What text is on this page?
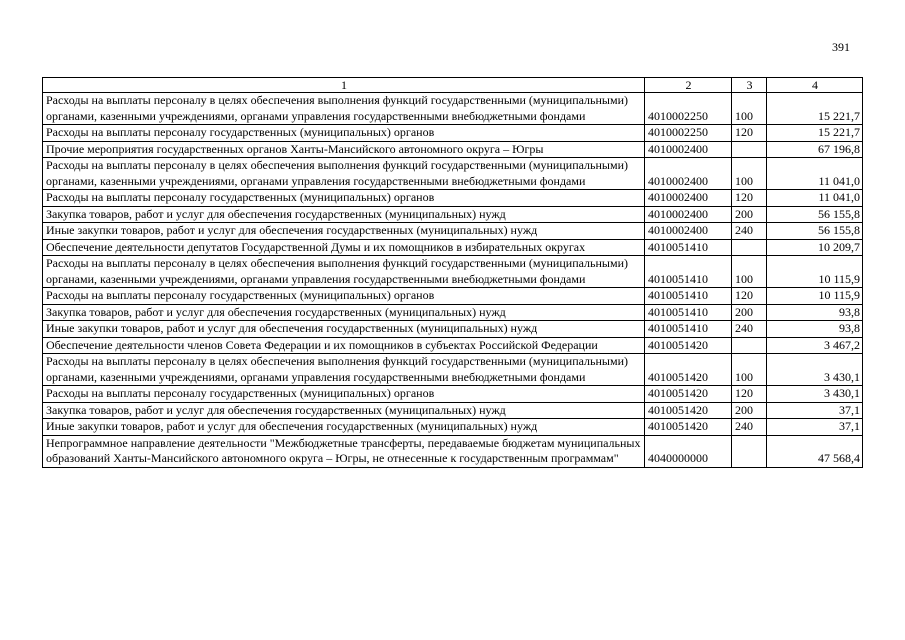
391
1	2	3	4
Расходы на выплаты персоналу в целях обеспечения выполнения функций государственными (муниципальными) органами, казенными учреждениями, органами управления государственными внебюджетными фондами	4010002250	100	15 221,7
Расходы на выплаты персоналу государственных (муниципальных) органов	4010002250	120	15 221,7
Прочие мероприятия государственных органов Ханты-Мансийского автономного округа – Югры	4010002400		67 196,8
Расходы на выплаты персоналу в целях обеспечения выполнения функций государственными (муниципальными) органами, казенными учреждениями, органами управления государственными внебюджетными фондами	4010002400	100	11 041,0
Расходы на выплаты персоналу государственных (муниципальных) органов	4010002400	120	11 041,0
Закупка товаров, работ и услуг для обеспечения государственных (муниципальных) нужд	4010002400	200	56 155,8
Иные закупки товаров, работ и услуг для обеспечения государственных (муниципальных) нужд	4010002400	240	56 155,8
Обеспечение деятельности депутатов Государственной Думы и их помощников в избирательных округах	4010051410		10 209,7
Расходы на выплаты персоналу в целях обеспечения выполнения функций государственными (муниципальными) органами, казенными учреждениями, органами управления государственными внебюджетными фондами	4010051410	100	10 115,9
Расходы на выплаты персоналу государственных (муниципальных) органов	4010051410	120	10 115,9
Закупка товаров, работ и услуг для обеспечения государственных (муниципальных) нужд	4010051410	200	93,8
Иные закупки товаров, работ и услуг для обеспечения государственных (муниципальных) нужд	4010051410	240	93,8
Обеспечение деятельности членов Совета Федерации и их помощников в субъектах Российской Федерации	4010051420		3 467,2
Расходы на выплаты персоналу в целях обеспечения выполнения функций государственными (муниципальными) органами, казенными учреждениями, органами управления государственными внебюджетными фондами	4010051420	100	3 430,1
Расходы на выплаты персоналу государственных (муниципальных) органов	4010051420	120	3 430,1
Закупка товаров, работ и услуг для обеспечения государственных (муниципальных) нужд	4010051420	200	37,1
Иные закупки товаров, работ и услуг для обеспечения государственных (муниципальных) нужд	4010051420	240	37,1
Непрограммное направление деятельности "Межбюджетные трансферты, передаваемые бюджетам муниципальных образований Ханты-Мансийского автономного округа – Югры, не отнесенные к государственным программам"	4040000000		47 568,4
